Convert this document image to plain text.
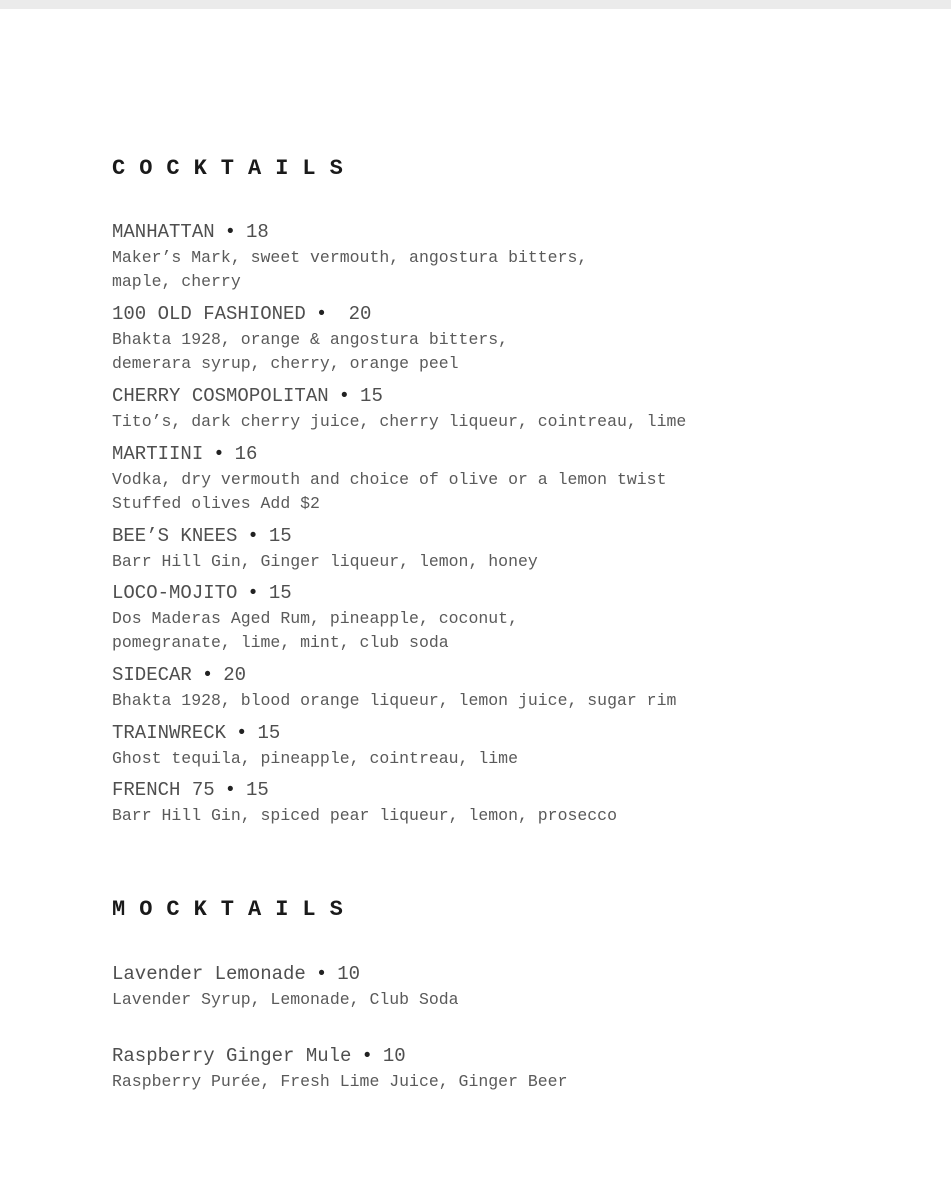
COCKTAILS
MANHATTAN • 18
Maker’s Mark, sweet vermouth, angostura bitters,
maple, cherry
100 OLD FASHIONED • 20
Bhakta 1928, orange & angostura bitters,
demerara syrup, cherry, orange peel
CHERRY COSMOPOLITAN • 15
Tito’s, dark cherry juice, cherry liqueur, cointreau, lime
MARTIINI • 16
Vodka, dry vermouth and choice of olive or a lemon twist
Stuffed olives Add $2
BEE’S KNEES • 15
Barr Hill Gin, Ginger liqueur, lemon, honey
LOCO-MOJITO • 15
Dos Maderas Aged Rum, pineapple, coconut,
pomegranate, lime, mint, club soda
SIDECAR • 20
Bhakta 1928, blood orange liqueur, lemon juice, sugar rim
TRAINWRECK • 15
Ghost tequila, pineapple, cointreau, lime
FRENCH 75 • 15
Barr Hill Gin, spiced pear liqueur, lemon, prosecco
MOCKTAILS
Lavender Lemonade • 10
Lavender Syrup, Lemonade, Club Soda
Raspberry Ginger Mule • 10
Raspberry Purée, Fresh Lime Juice, Ginger Beer
